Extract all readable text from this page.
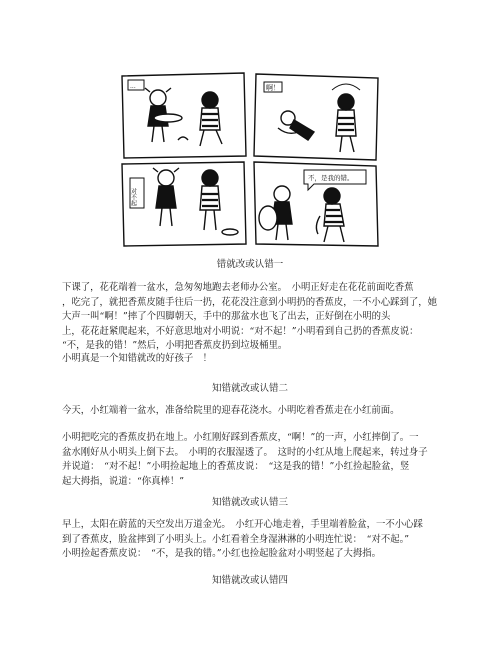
...	啊！
对不起
不，是我的错。
错就改或认错一

下课了，花花端着一盆水，急匆匆地跑去老师办公室。　小明正好走在花花前面吃香蕉
，吃完了，就把香蕉皮随手往后一扔，花花没注意到小明扔的香蕉皮，一不小心踩到了，她
大声一叫“啊！”摔了个四脚朝天，手中的那盆水也飞了出去，正好倒在小明的头
上，花花赶紧爬起来，不好意思地对小明说：“对不起！”小明看到自己扔的香蕉皮说：
“不，是我的错！”然后，小明把香蕉皮扔到垃圾桶里。

小明真是一个知错就改的好孩子　！

知错就改或认错二

今天，小红端着一盆水，准备给院里的迎春花浇水。小明吃着香蕉走在小红前面。

小明把吃完的香蕉皮扔在地上。小红刚好踩到香蕉皮，“啊！”的一声，小红摔倒了。一
盆水刚好从小明头上倒下去。　小明的衣服湿透了。　这时的小红从地上爬起来，转过身子
并说道：　“对不起！”小明捡起地上的香蕉皮说：　“这是我的错！”小红捡起脸盆，竖
起大拇指，说道：“你真棒！”

知错就改或认错三

早上，太阳在蔚蓝的天空发出万道金光。　小红开心地走着，手里端着脸盆，一不小心踩
到了香蕉皮，脸盆摔到了小明头上。小红看着全身湿淋淋的小明连忙说：　“对不起。”
小明捡起香蕉皮说：　“不，是我的错。”小红也捡起脸盆对小明竖起了大拇指。

知错就改或认错四
